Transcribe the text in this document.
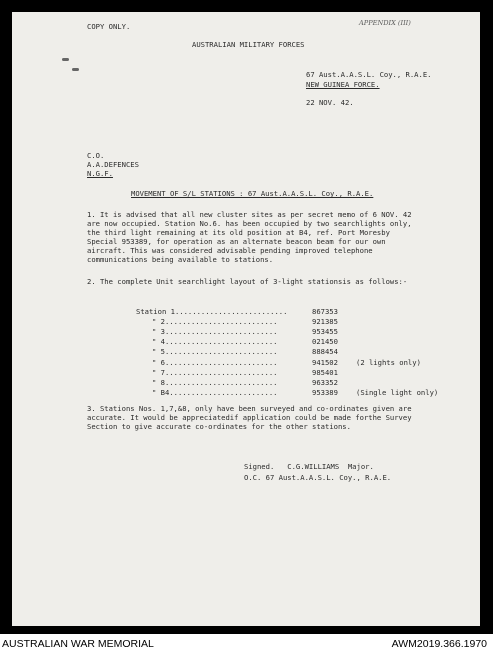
COPY ONLY.	APPENDIX (III)
AUSTRALIAN MILITARY FORCES
67 Aust.A.A.S.L. Coy., R.A.E.
NEW GUINEA FORCE.
22 NOV. 42.
C.O.
A.A.DEFENCES
N.G.F.
MOVEMENT OF S/L STATIONS : 67 Aust.A.A.S.L. Coy., R.A.E.
1. It is advised that all new cluster sites as per secret memo of 6 NOV. 42
are now occupied. Station No.6. has been occupied by two searchlights only,
the third light remaining at its old position at B4, ref. Port Moresby
Special 953389, for operation as an alternate beacon beam for our own
aircraft. This was considered advisable pending improved telephone
communications being available to stations.
2. The complete Unit searchlight layout of 3-light stationsis as follows:-
Station 1..........................	867353
" 2..........................	921385
" 3..........................	953455
" 4..........................	021450
" 5..........................	888454
" 6..........................	941502	(2 lights only)
" 7..........................	985401
" 8..........................	963352
" B4.........................	953389	(Single light only)
3. Stations Nos. 1,7,&8, only have been surveyed and co-ordinates given are
accurate. It would be appreciatedif application could be made forthe Survey
Section to give accurate co-ordinates for the other stations.
Signed.   C.G.WILLIAMS  Major.
O.C. 67 Aust.A.A.S.L. Coy., R.A.E.
AUSTRALIAN WAR MEMORIAL	AWM2019.366.1970
